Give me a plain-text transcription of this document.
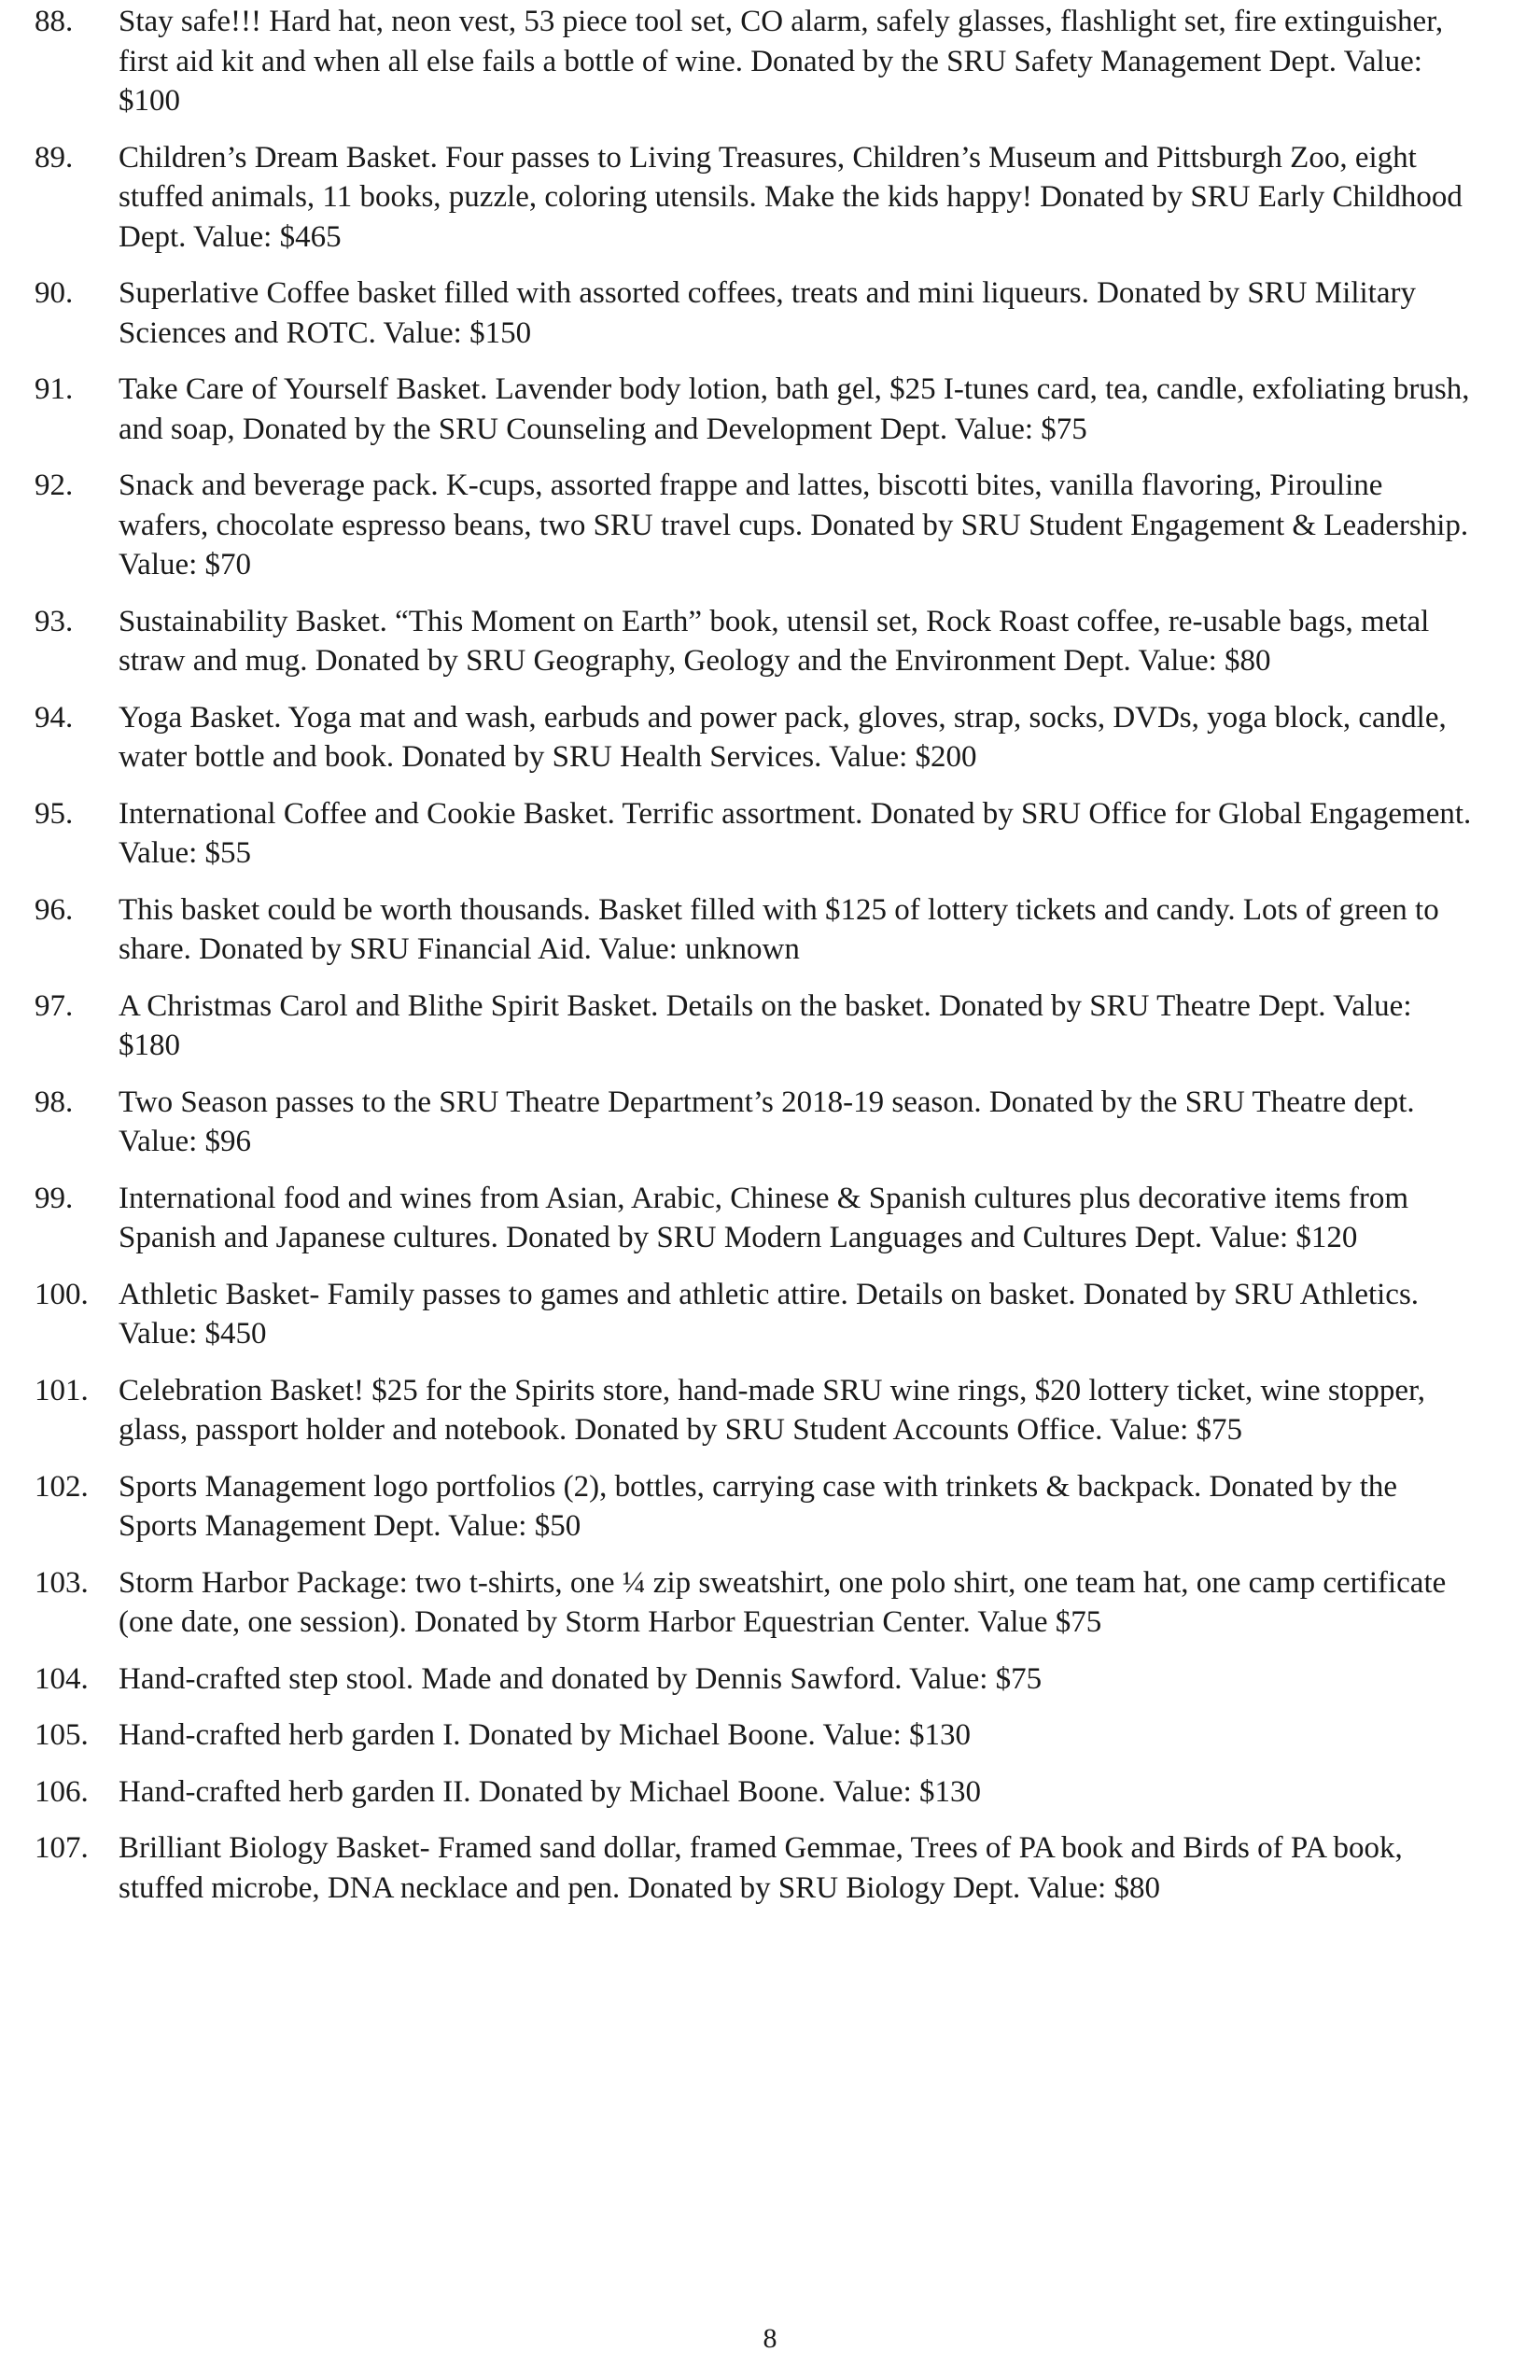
88.	Stay safe!!! Hard hat, neon vest, 53 piece tool set, CO alarm, safely glasses, flashlight set, fire extinguisher, first aid kit and when all else fails a bottle of wine. Donated by the SRU Safety Management Dept. Value: $100
89.	Children’s Dream Basket. Four passes to Living Treasures, Children’s Museum and Pittsburgh Zoo, eight stuffed animals, 11 books, puzzle, coloring utensils. Make the kids happy! Donated by SRU Early Childhood Dept. Value: $465
90.	Superlative Coffee basket filled with assorted coffees, treats and mini liqueurs. Donated by SRU Military Sciences and ROTC. Value: $150
91.	Take Care of Yourself Basket. Lavender body lotion, bath gel, $25 I-tunes card, tea, candle, exfoliating brush, and soap, Donated by the SRU Counseling and Development Dept. Value: $75
92.	Snack and beverage pack. K-cups, assorted frappe and lattes, biscotti bites, vanilla flavoring, Pirouline wafers, chocolate espresso beans, two SRU travel cups. Donated by SRU Student Engagement & Leadership. Value: $70
93.	Sustainability Basket. “This Moment on Earth” book, utensil set, Rock Roast coffee, re-usable bags, metal straw and mug. Donated by SRU Geography, Geology and the Environment Dept. Value: $80
94.	Yoga Basket. Yoga mat and wash, earbuds and power pack, gloves, strap, socks, DVDs, yoga block, candle, water bottle and book. Donated by SRU Health Services. Value: $200
95.	International Coffee and Cookie Basket. Terrific assortment. Donated by SRU Office for Global Engagement. Value: $55
96.	This basket could be worth thousands. Basket filled with $125 of lottery tickets and candy. Lots of green to share. Donated by SRU Financial Aid. Value: unknown
97.	A Christmas Carol and Blithe Spirit Basket. Details on the basket. Donated by SRU Theatre Dept. Value: $180
98.	Two Season passes to the SRU Theatre Department’s 2018-19 season. Donated by the SRU Theatre dept. Value: $96
99.	International food and wines from Asian, Arabic, Chinese & Spanish cultures plus decorative items from Spanish and Japanese cultures. Donated by SRU Modern Languages and Cultures Dept. Value: $120
100. Athletic Basket- Family passes to games and athletic attire. Details on basket. Donated by SRU Athletics. Value: $450
101. Celebration Basket! $25 for the Spirits store, hand-made SRU wine rings, $20 lottery ticket, wine stopper, glass, passport holder and notebook. Donated by SRU Student Accounts Office. Value: $75
102. Sports Management logo portfolios (2), bottles, carrying case with trinkets & backpack. Donated by the Sports Management Dept. Value: $50
103. Storm Harbor Package: two t-shirts, one ¼ zip sweatshirt, one polo shirt, one team hat, one camp certificate (one date, one session). Donated by Storm Harbor Equestrian Center. Value $75
104. Hand-crafted step stool. Made and donated by Dennis Sawford. Value: $75
105. Hand-crafted herb garden I. Donated by Michael Boone. Value: $130
106. Hand-crafted herb garden II. Donated by Michael Boone. Value: $130
107. Brilliant Biology Basket- Framed sand dollar, framed Gemmae, Trees of PA book and Birds of PA book, stuffed microbe, DNA necklace and pen. Donated by SRU Biology Dept. Value: $80
8
